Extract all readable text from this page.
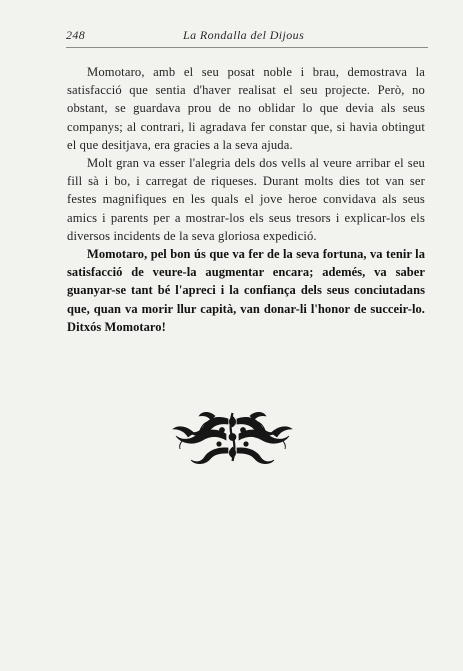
248	La Rondalla del Dijous

Momotaro, amb el seu posat noble i brau, demostrava la satisfacció que sentia d'haver realisat el seu projecte. Però, no obstant, se guardava prou de no oblidar lo que devia als seus companys; al contrari, li agradava fer constar que, si havia obtingut el que desitjava, era gracies a la seva ajuda.

Molt gran va esser l'alegria dels dos vells al veure arribar el seu fill sà i bo, i carregat de riqueses. Durant molts dies tot van ser festes magnifiques en les quals el jove heroe convidava als seus amics i parents per a mostrar-los els seus tresors i explicar-los els diversos incidents de la seva gloriosa expedició.

Momotaro, pel bon ús que va fer de la seva fortuna, va tenir la satisfacció de veure-la augmentar encara; ademés, va saber guanyar-se tant bé l'apreci i la confiança dels seus conciutadans que, quan va morir llur capità, van donar-li l'honor de succeir-lo. Ditxós Momotaro!
